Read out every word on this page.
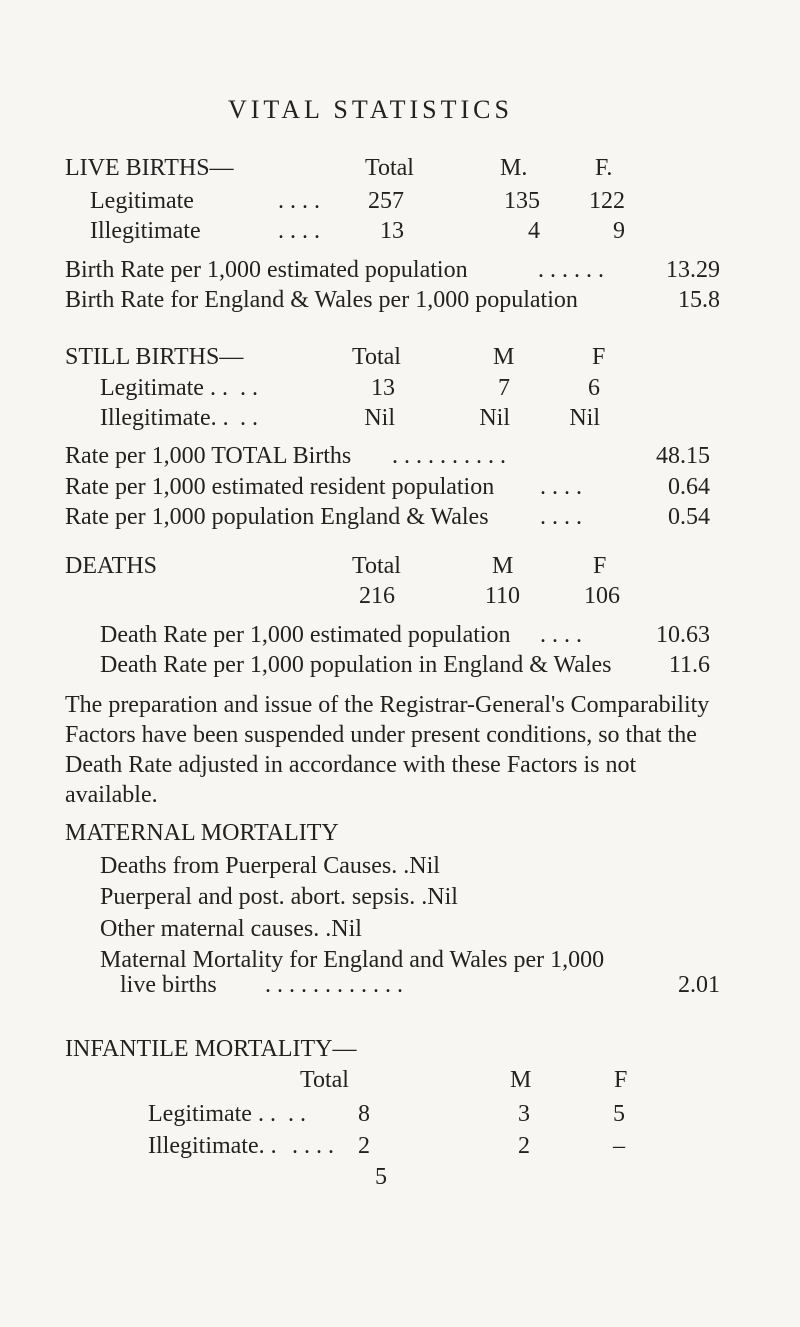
VITAL STATISTICS
LIVE BIRTHS—	Total	M.	F.
Legitimate	. . . .	257	135	122
Illegitimate	. . . .	13	4	9
Birth Rate per 1,000 estimated population	. . . . . .	13.29
Birth Rate for England & Wales per 1,000 population	15.8
STILL BIRTHS—	Total	M	F
Legitimate . . . .	13	7	6
Illegitimate. . . .	Nil	Nil	Nil
Rate per 1,000 TOTAL Births . . . . . . . . . .	48.15
Rate per 1,000 estimated resident population . . . .	0.64
Rate per 1,000 population England & Wales . . . .	0.54
DEATHS	Total	M	F
216	110	106
Death Rate per 1,000 estimated population . . . .	10.63
Death Rate per 1,000 population in England & Wales	11.6
The preparation and issue of the Registrar-General's Comparability Factors have been suspended under present conditions, so that the Death Rate adjusted in accordance with these Factors is not available.
MATERNAL MORTALITY
Deaths from Puerperal Causes. .Nil
Puerperal and post. abort. sepsis. .Nil
Other maternal causes. .Nil
Maternal Mortality for England and Wales per 1,000
live births . . . . . . . . . . . .	2.01
INFANTILE MORTALITY—
Total	M	F
Legitimate . . . .	8	3	5
Illegitimate. . . . . .	2	2	–
5
